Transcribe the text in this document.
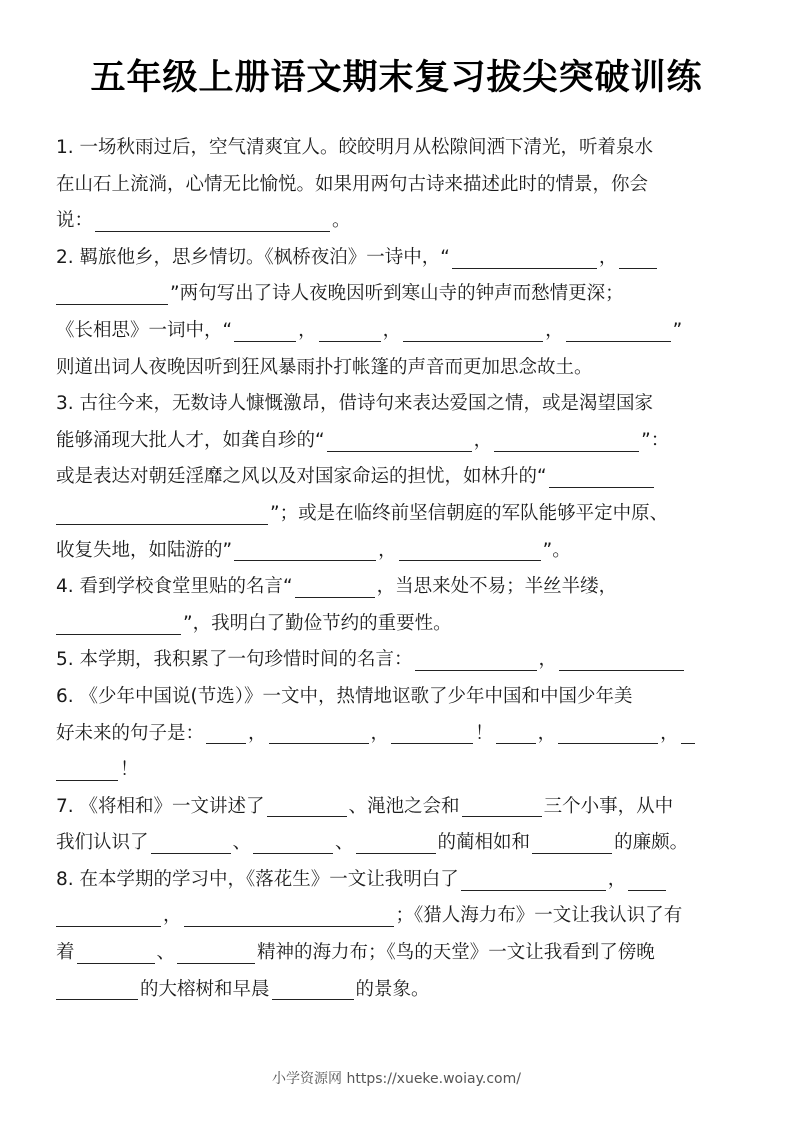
五年级上册语文期末复习拔尖突破训练
1. 一场秋雨过后，空气清爽宜人。皎皎明月从松隙间洒下清光，听着泉水
在山石上流淌，心情无比愉悦。如果用两句古诗来描述此时的情景，你会
说：	。
2. 羁旅他乡，思乡情切。《枫桥夜泊》一诗中，“	，
”两句写出了诗人夜晚因听到寒山寺的钟声而愁情更深；
《长相思》一词中，“	，	，	，	”
则道出词人夜晚因听到狂风暴雨扑打帐篷的声音而更加思念故土。
3. 古往今来，无数诗人慷慨激昂，借诗句来表达爱国之情，或是渴望国家
能够涌现大批人才，如龚自珍的“	，	”：
或是表达对朝廷淫靡之风以及对国家命运的担忧，如林升的“
”；或是在临终前坚信朝庭的军队能够平定中原、
收复失地，如陆游的”	，	”。
4. 看到学校食堂里贴的名言“	，当思来处不易；半丝半缕，
”，我明白了勤俭节约的重要性。
5. 本学期，我积累了一句珍惜时间的名言：	，
6. 《少年中国说(节选）》一文中，热情地讴歌了少年中国和中国少年美
好未来的句子是： ，	，	！ ，	，
！
7. 《将相和》一文讲述了	、渑池之会和	三个小事，从中
我们认识了	、	、	的蔺相如和	的廉颇。
8. 在本学期的学习中，《落花生》一文让我明白了	，
，	；《猎人海力布》一文让我认识了有
着	、	精神的海力布；《鸟的天堂》一文让我看到了傍晚
的大榕树和早晨	的景象。
小学资源网 https://xueke.woiay.com/
